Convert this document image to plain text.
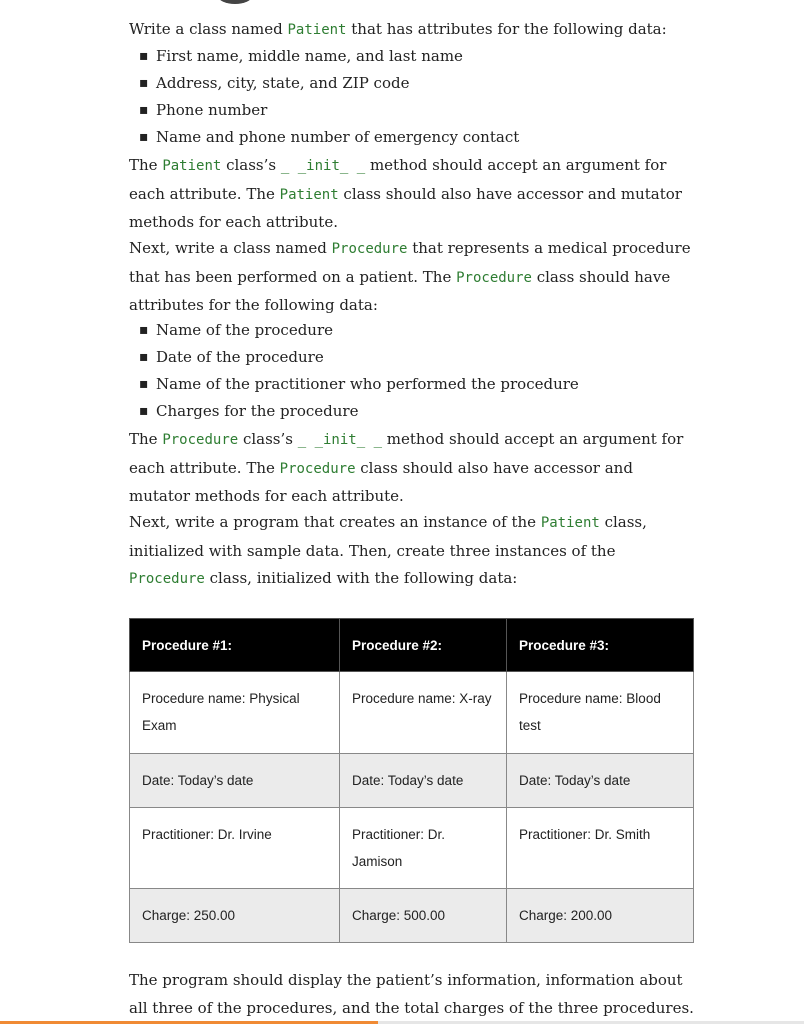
Write a class named Patient that has attributes for the following data:

▪ First name, middle name, and last name
▪ Address, city, state, and ZIP code
▪ Phone number
▪ Name and phone number of emergency contact

The Patient class’s _ _init_ _ method should accept an argument for each attribute. The Patient class should also have accessor and mutator methods for each attribute.

Next, write a class named Procedure that represents a medical procedure that has been performed on a patient. The Procedure class should have attributes for the following data:

▪ Name of the procedure
▪ Date of the procedure
▪ Name of the practitioner who performed the procedure
▪ Charges for the procedure

The Procedure class’s _ _init_ _ method should accept an argument for each attribute. The Procedure class should also have accessor and mutator methods for each attribute.

Next, write a program that creates an instance of the Patient class, initialized with sample data. Then, create three instances of the Procedure class, initialized with the following data:

Procedure #1:	Procedure #2:	Procedure #3:
Procedure name: Physical Exam	Procedure name: X-ray	Procedure name: Blood test
Date: Today’s date	Date: Today’s date	Date: Today’s date
Practitioner: Dr. Irvine	Practitioner: Dr. Jamison	Practitioner: Dr. Smith
Charge: 250.00	Charge: 500.00	Charge: 200.00

The program should display the patient’s information, information about all three of the procedures, and the total charges of the three procedures.
